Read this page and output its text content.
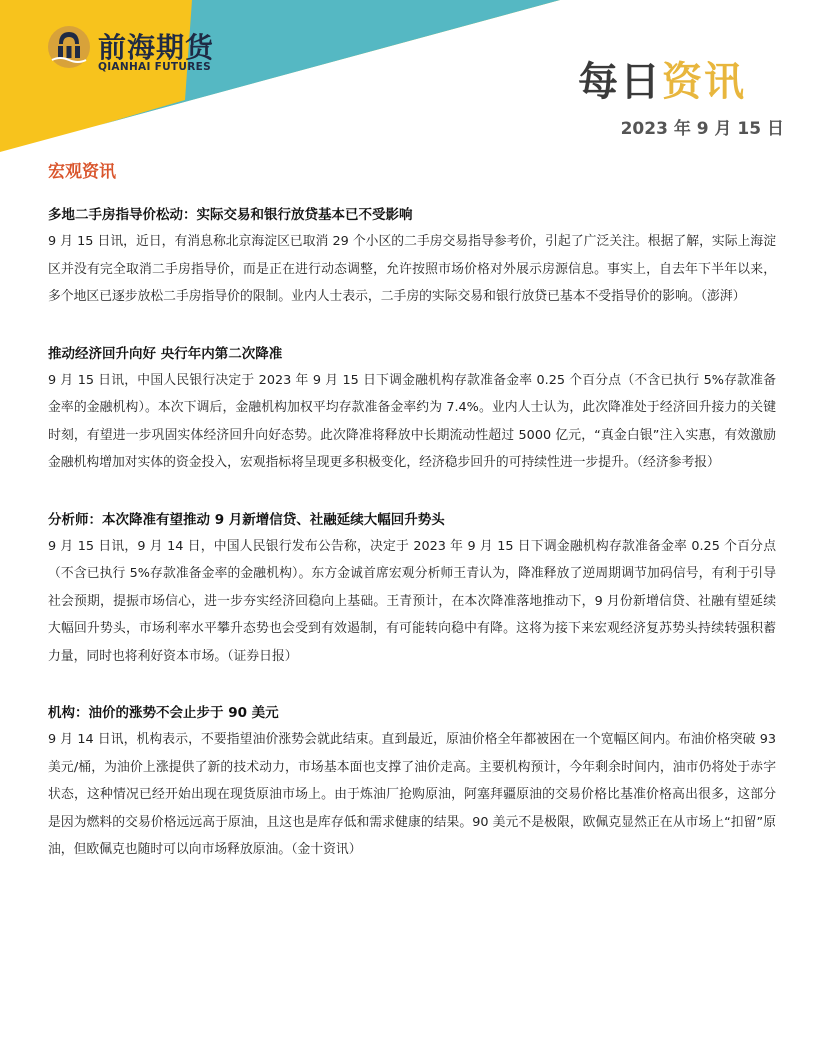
前海期货
QIANHAI FUTURES	每日资讯
2023 年 9 月 15 日
宏观资讯
多地二手房指导价松动：实际交易和银行放贷基本已不受影响
9 月 15 日讯，近日，有消息称北京海淀区已取消 29 个小区的二手房交易指导参考价，引起了广泛关注。根据了解，实际上海淀区并没有完全取消二手房指导价，而是正在进行动态调整，允许按照市场价格对外展示房源信息。事实上，自去年下半年以来，多个地区已逐步放松二手房指导价的限制。业内人士表示，二手房的实际交易和银行放贷已基本不受指导价的影响。（澎湃）
推动经济回升向好 央行年内第二次降准
9 月 15 日讯，中国人民银行决定于 2023 年 9 月 15 日下调金融机构存款准备金率 0.25 个百分点（不含已执行 5%存款准备金率的金融机构）。本次下调后，金融机构加权平均存款准备金率约为 7.4%。业内人士认为，此次降准处于经济回升接力的关键时刻，有望进一步巩固实体经济回升向好态势。此次降准将释放中长期流动性超过 5000 亿元，“真金白银”注入实惠，有效激励金融机构增加对实体的资金投入，宏观指标将呈现更多积极变化，经济稳步回升的可持续性进一步提升。（经济参考报）
分析师：本次降准有望推动 9 月新增信贷、社融延续大幅回升势头
9 月 15 日讯，9 月 14 日，中国人民银行发布公告称，决定于 2023 年 9 月 15 日下调金融机构存款准备金率 0.25 个百分点（不含已执行 5%存款准备金率的金融机构）。东方金诚首席宏观分析师王青认为，降准释放了逆周期调节加码信号，有利于引导社会预期，提振市场信心，进一步夯实经济回稳向上基础。王青预计，在本次降准落地推动下，9 月份新增信贷、社融有望延续大幅回升势头，市场利率水平攀升态势也会受到有效遏制，有可能转向稳中有降。这将为接下来宏观经济复苏势头持续转强积蓄力量，同时也将利好资本市场。（证券日报）
机构：油价的涨势不会止步于 90 美元
9 月 14 日讯，机构表示，不要指望油价涨势会就此结束。直到最近，原油价格全年都被困在一个宽幅区间内。布油价格突破 93 美元/桶，为油价上涨提供了新的技术动力，市场基本面也支撑了油价走高。主要机构预计，今年剩余时间内，油市仍将处于赤字状态，这种情况已经开始出现在现货原油市场上。由于炼油厂抢购原油，阿塞拜疆原油的交易价格比基准价格高出很多，这部分是因为燃料的交易价格远远高于原油，且这也是库存低和需求健康的结果。90 美元不是极限，欧佩克显然正在从市场上“扣留”原油，但欧佩克也随时可以向市场释放原油。（金十资讯）
